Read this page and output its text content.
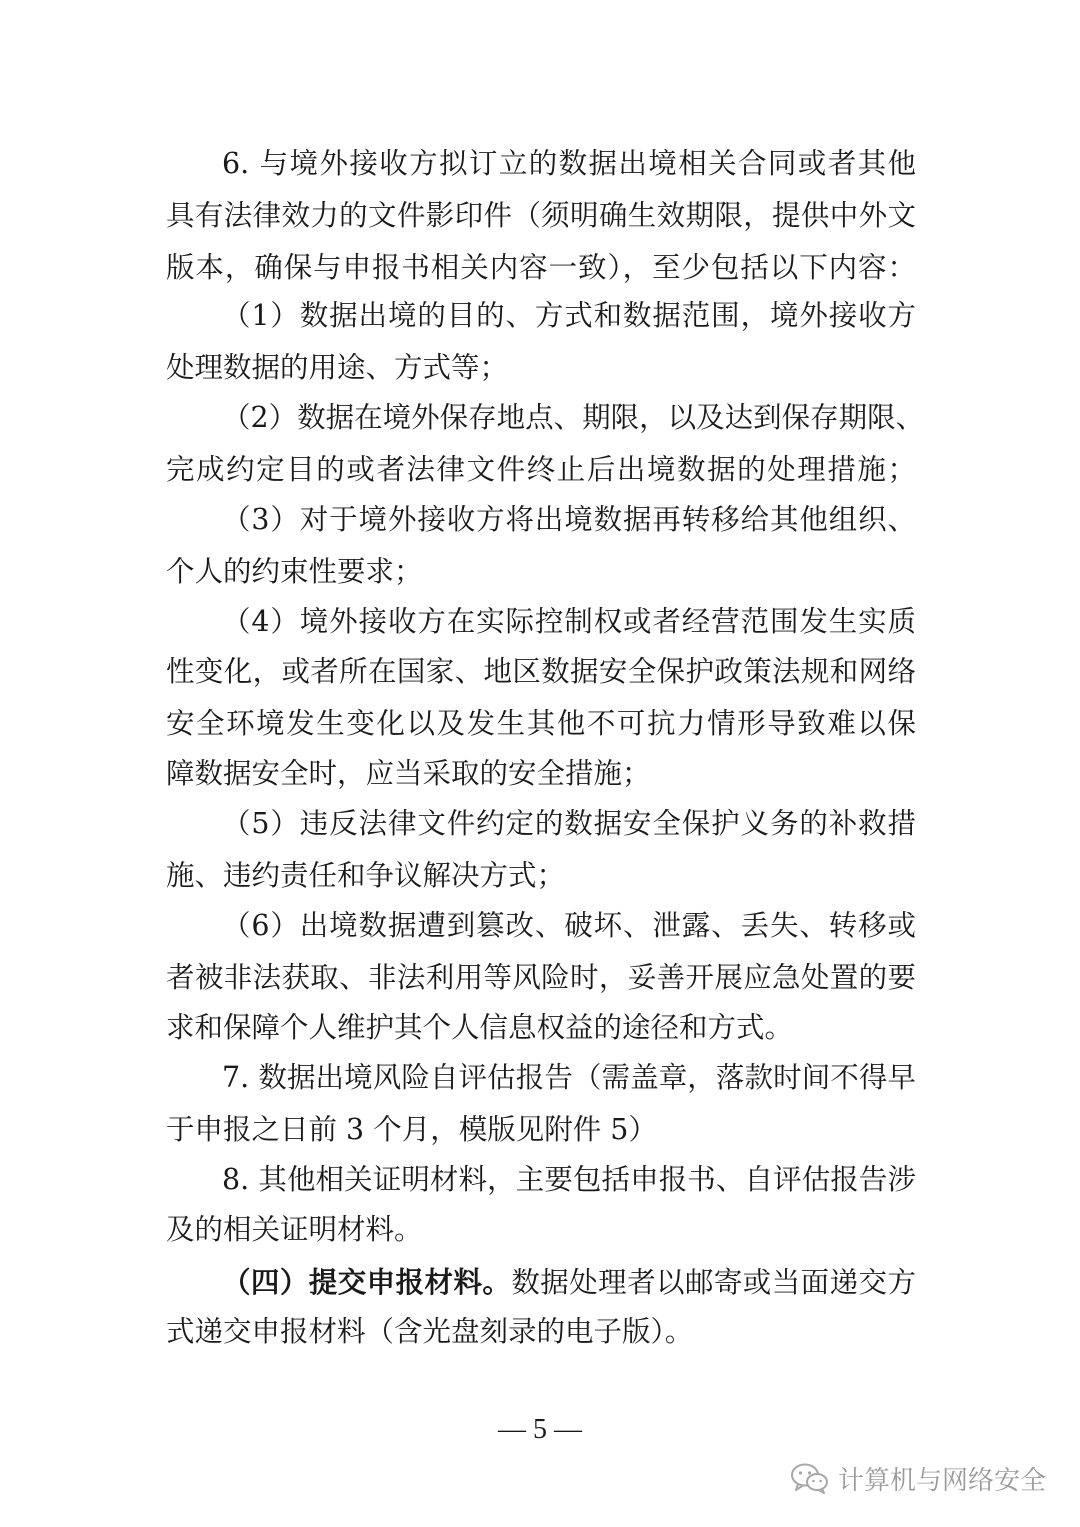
6. 与境外接收方拟订立的数据出境相关合同或者其他
具有法律效力的文件影印件（须明确生效期限，提供中外文
版本，确保与申报书相关内容一致），至少包括以下内容：
（1）数据出境的目的、方式和数据范围，境外接收方
处理数据的用途、方式等；
（2）数据在境外保存地点、期限，以及达到保存期限、
完成约定目的或者法律文件终止后出境数据的处理措施；
（3）对于境外接收方将出境数据再转移给其他组织、
个人的约束性要求；
（4）境外接收方在实际控制权或者经营范围发生实质
性变化，或者所在国家、地区数据安全保护政策法规和网络
安全环境发生变化以及发生其他不可抗力情形导致难以保
障数据安全时，应当采取的安全措施；
（5）违反法律文件约定的数据安全保护义务的补救措
施、违约责任和争议解决方式；
（6）出境数据遭到篡改、破坏、泄露、丢失、转移或
者被非法获取、非法利用等风险时，妥善开展应急处置的要
求和保障个人维护其个人信息权益的途径和方式。
7. 数据出境风险自评估报告（需盖章，落款时间不得早
于申报之日前 3 个月，模版见附件 5）
8. 其他相关证明材料，主要包括申报书、自评估报告涉
及的相关证明材料。
（四）提交申报材料。数据处理者以邮寄或当面递交方
式递交申报材料（含光盘刻录的电子版）。
— 5 —
计算机与网络安全
